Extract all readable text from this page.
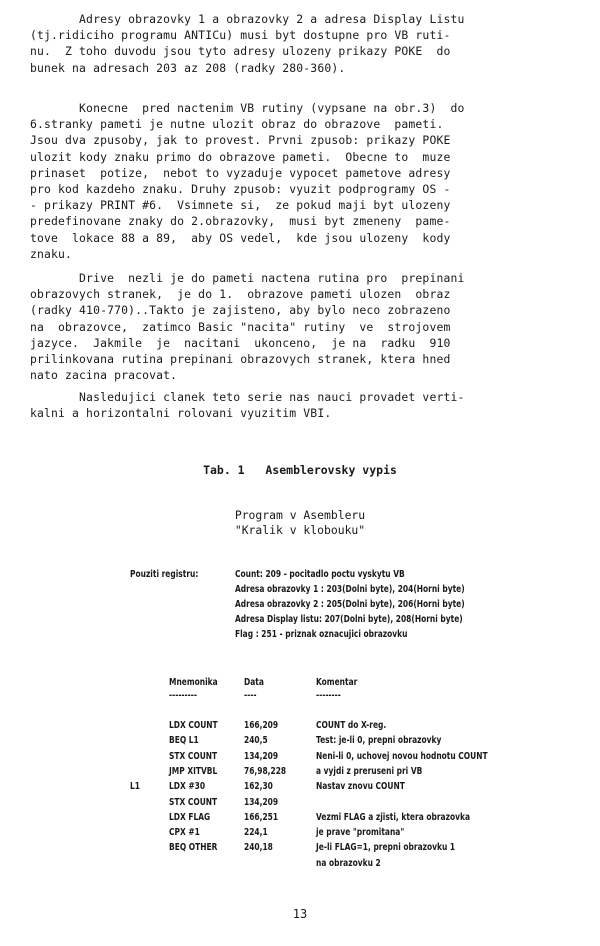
Adresy obrazovky 1 a obrazovky 2 a adresa Display Listu
(tj.ridiciho programu ANTICu) musi byt dostupne pro VB ruti-
nu.  Z toho duvodu jsou tyto adresy ulozeny prikazy POKE  do
bunek na adresach 203 az 208 (radky 280-360).
Konecne  pred nactenim VB rutiny (vypsane na obr.3)  do
6.stranky pameti je nutne ulozit obraz do obrazove  pameti.
Jsou dva zpusoby, jak to provest. Prvni zpusob: prikazy POKE
ulozit kody znaku primo do obrazove pameti.  Obecne to  muze
prinaset  potize,  nebot to vyzaduje vypocet pametove adresy
pro kod kazdeho znaku. Druhy zpusob: vyuzit podprogramy OS -
- prikazy PRINT #6.  Vsimnete si,  ze pokud maji byt ulozeny
predefinovane znaky do 2.obrazovky,  musi byt zmeneny  pame-
tove  lokace 88 a 89,  aby OS vedel,  kde jsou ulozeny  kody
znaku.
Drive  nezli je do pameti nactena rutina pro  prepinani
obrazovych stranek,  je do 1.  obrazove pameti ulozen  obraz
(radky 410-770)..Takto je zajisteno, aby bylo neco zobrazeno
na  obrazovce,  zatimco Basic "nacita" rutiny  ve  strojovem
jazyce.  Jakmile  je  nacitani  ukonceno,  je na  radku  910
prilinkovana rutina prepinani obrazovych stranek, ktera hned
nato zacina pracovat.
Nasledujici clanek teto serie nas nauci provadet verti-
kalni a horizontalni rolovani vyuzitim VBI.
Tab. 1   Asemblerovsky vypis
Program v Asembleru
"Kralik v klobouku"
Pouziti registru:	Count: 209 - pocitadlo poctu vyskytu VB
Adresa obrazovky 1 : 203(Dolni byte), 204(Horni byte)
Adresa obrazovky 2 : 205(Dolni byte), 206(Horni byte)
Adresa Display listu: 207(Dolni byte), 208(Horni byte)
Flag : 251 - priznak oznacujici obrazovku
Mnemonika	Data	Komentar
---------	----	--------
LDX COUNT	166,209	COUNT do X-reg.
BEQ L1	240,5	Test: je-li 0, prepni obrazovky
STX COUNT	134,209	Neni-li 0, uchovej novou hodnotu COUNT
JMP XITVBL	76,98,228	a vyjdi z preruseni pri VB
L1	LDX #30	162,30	Nastav znovu COUNT
STX COUNT	134,209
LDX FLAG	166,251	Vezmi FLAG a zjisti, ktera obrazovka
CPX #1	224,1	je prave "promitana"
BEQ OTHER	240,18	Je-li FLAG=1, prepni obrazovku 1
na obrazovku 2
13
